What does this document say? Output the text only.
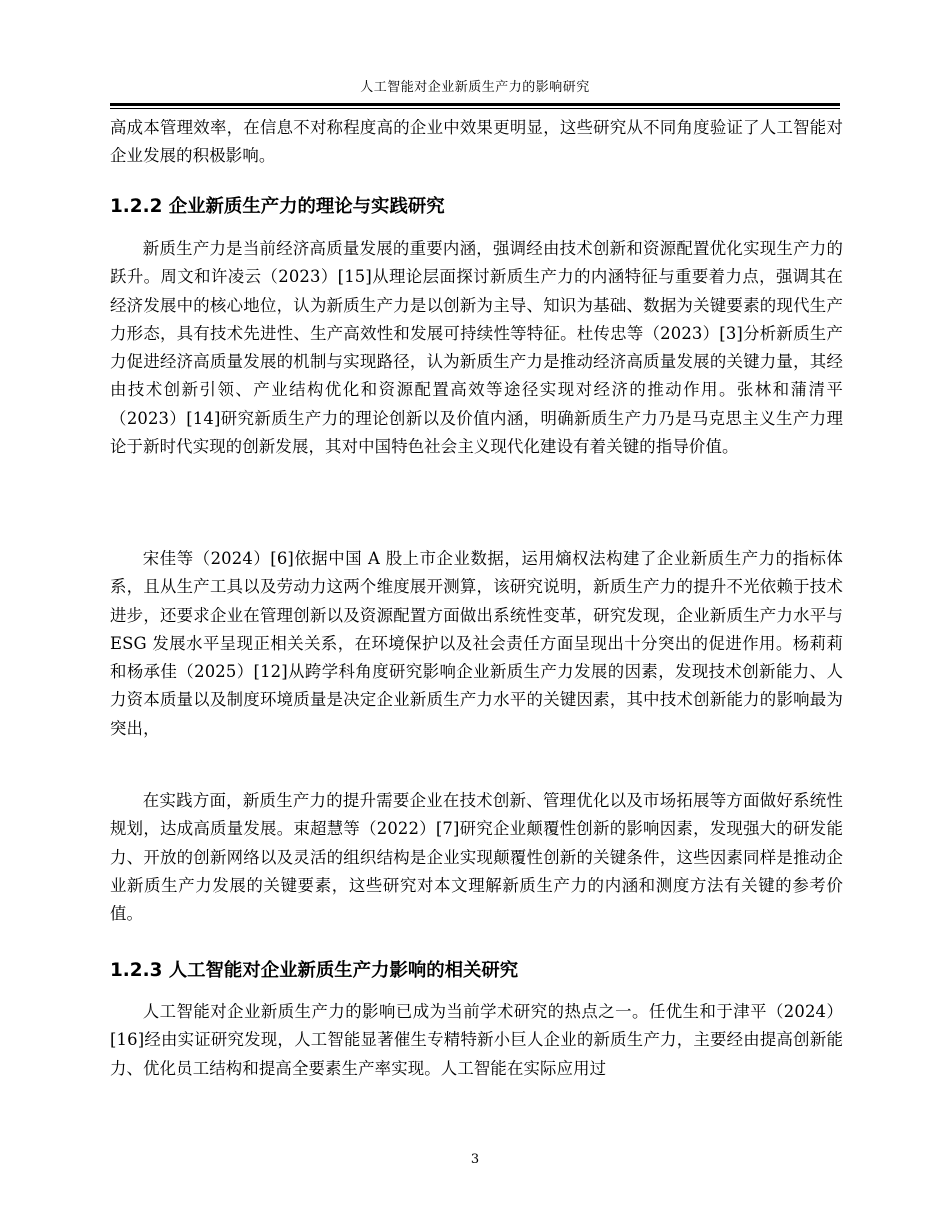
人工智能对企业新质生产力的影响研究

高成本管理效率，在信息不对称程度高的企业中效果更明显，这些研究从不同角度验证了人工智能对企业发展的积极影响。

1.2.2 企业新质生产力的理论与实践研究

新质生产力是当前经济高质量发展的重要内涵，强调经由技术创新和资源配置优化实现生产力的跃升。周文和许凌云（2023）[15]从理论层面探讨新质生产力的内涵特征与重要着力点，强调其在经济发展中的核心地位，认为新质生产力是以创新为主导、知识为基础、数据为关键要素的现代生产力形态，具有技术先进性、生产高效性和发展可持续性等特征。杜传忠等（2023）[3]分析新质生产力促进经济高质量发展的机制与实现路径，认为新质生产力是推动经济高质量发展的关键力量，其经由技术创新引领、产业结构优化和资源配置高效等途径实现对经济的推动作用。张林和蒲清平（2023）[14]研究新质生产力的理论创新以及价值内涵，明确新质生产力乃是马克思主义生产力理论于新时代实现的创新发展，其对中国特色社会主义现代化建设有着关键的指导价值。

宋佳等（2024）[6]依据中国 A 股上市企业数据，运用熵权法构建了企业新质生产力的指标体系，且从生产工具以及劳动力这两个维度展开测算，该研究说明，新质生产力的提升不光依赖于技术进步，还要求企业在管理创新以及资源配置方面做出系统性变革，研究发现，企业新质生产力水平与 ESG 发展水平呈现正相关关系，在环境保护以及社会责任方面呈现出十分突出的促进作用。杨莉莉和杨承佳（2025）[12]从跨学科角度研究影响企业新质生产力发展的因素，发现技术创新能力、人力资本质量以及制度环境质量是决定企业新质生产力水平的关键因素，其中技术创新能力的影响最为突出，

在实践方面，新质生产力的提升需要企业在技术创新、管理优化以及市场拓展等方面做好系统性规划，达成高质量发展。束超慧等（2022）[7]研究企业颠覆性创新的影响因素，发现强大的研发能力、开放的创新网络以及灵活的组织结构是企业实现颠覆性创新的关键条件，这些因素同样是推动企业新质生产力发展的关键要素，这些研究对本文理解新质生产力的内涵和测度方法有关键的参考价值。

1.2.3 人工智能对企业新质生产力影响的相关研究

人工智能对企业新质生产力的影响已成为当前学术研究的热点之一。任优生和于津平（2024）[16]经由实证研究发现，人工智能显著催生专精特新小巨人企业的新质生产力，主要经由提高创新能力、优化员工结构和提高全要素生产率实现。人工智能在实际应用过

3
